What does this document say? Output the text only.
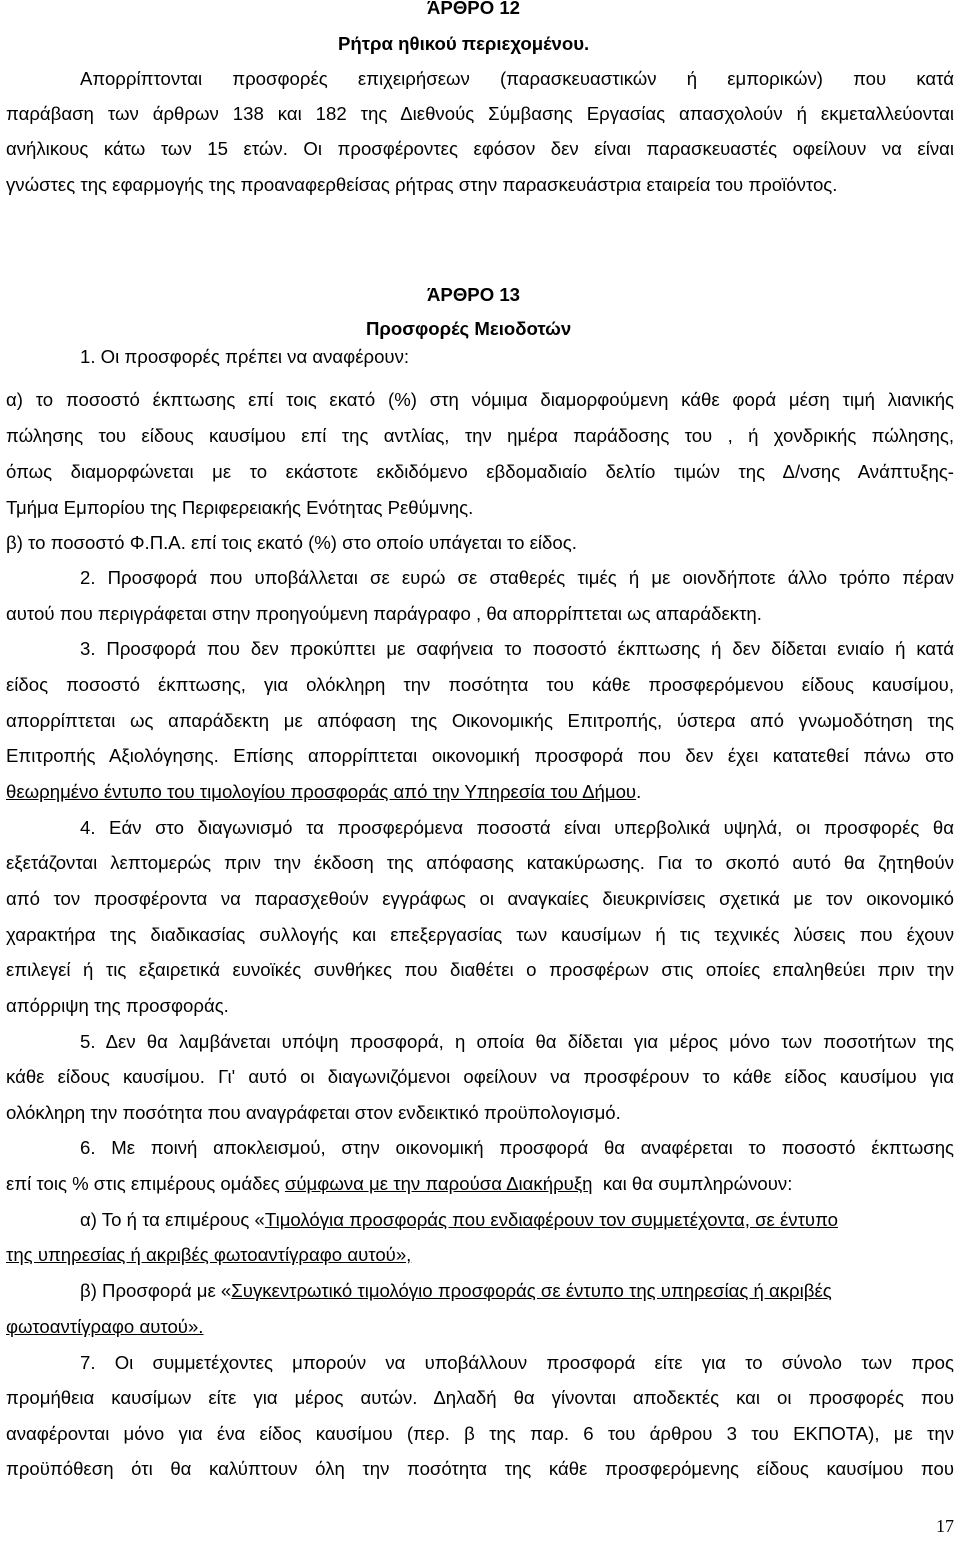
ΆΡΘΡΟ 12
Ρήτρα ηθικού περιεχομένου.
Απορρίπτονται προσφορές επιχειρήσεων (παρασκευαστικών ή εμπορικών) που κατά
παράβαση των άρθρων 138 και 182 της Διεθνούς Σύμβασης Εργασίας απασχολούν ή εκμεταλλεύονται
ανήλικους κάτω των 15 ετών. Οι προσφέροντες εφόσον δεν είναι παρασκευαστές οφείλουν να είναι
γνώστες της εφαρμογής της προαναφερθείσας ρήτρας στην παρασκευάστρια εταιρεία του προϊόντος.
ΆΡΘΡΟ 13
Προσφορές Μειοδοτών
1. Οι προσφορές πρέπει να αναφέρουν:
α) το ποσοστό έκπτωσης επί τοις εκατό (%) στη νόμιμα διαμορφούμενη κάθε φορά μέση τιμή λιανικής
πώλησης του είδους καυσίμου επί της αντλίας, την ημέρα παράδοσης του , ή χονδρικής πώλησης,
όπως διαμορφώνεται με το εκάστοτε εκδιδόμενο εβδομαδιαίο δελτίο τιμών της Δ/νσης Ανάπτυξης-
Τμήμα Εμπορίου της Περιφερειακής Ενότητας Ρεθύμνης.
β) το ποσοστό Φ.Π.Α. επί τοις εκατό (%) στο οποίο υπάγεται το είδος.
2. Προσφορά που υποβάλλεται σε ευρώ σε σταθερές τιμές ή με οιονδήποτε άλλο τρόπο πέραν
αυτού που περιγράφεται στην προηγούμενη παράγραφο , θα απορρίπτεται ως απαράδεκτη.
3. Προσφορά που δεν προκύπτει με σαφήνεια το ποσοστό έκπτωσης ή δεν δίδεται ενιαίο ή κατά
είδος ποσοστό έκπτωσης, για ολόκληρη την ποσότητα του κάθε προσφερόμενου είδους καυσίμου,
απορρίπτεται ως απαράδεκτη με απόφαση της Οικονομικής Επιτροπής, ύστερα από γνωμοδότηση της
Επιτροπής Αξιολόγησης. Επίσης απορρίπτεται οικονομική προσφορά που δεν έχει κατατεθεί πάνω στο
θεωρημένο έντυπο του τιμολογίου προσφοράς από την Υπηρεσία του Δήμου.
4. Εάν στο διαγωνισμό τα προσφερόμενα ποσοστά είναι υπερβολικά υψηλά, οι προσφορές θα
εξετάζονται λεπτομερώς πριν την έκδοση της απόφασης κατακύρωσης. Για το σκοπό αυτό θα ζητηθούν
από τον προσφέροντα να παρασχεθούν εγγράφως οι αναγκαίες διευκρινίσεις σχετικά με τον οικονομικό
χαρακτήρα της διαδικασίας συλλογής και επεξεργασίας των καυσίμων ή τις τεχνικές λύσεις που έχουν
επιλεγεί ή τις εξαιρετικά ευνοϊκές συνθήκες που διαθέτει ο προσφέρων στις οποίες επαληθεύει πριν την
απόρριψη της προσφοράς.
5. Δεν θα λαμβάνεται υπόψη προσφορά, η οποία θα δίδεται για μέρος μόνο των ποσοτήτων της
κάθε είδους καυσίμου. Γι' αυτό οι διαγωνιζόμενοι οφείλουν να προσφέρουν το κάθε είδος καυσίμου για
ολόκληρη την ποσότητα που αναγράφεται στον ενδεικτικό προϋπολογισμό.
6. Με ποινή αποκλεισμού, στην οικονομική προσφορά θα αναφέρεται το ποσοστό έκπτωσης
επί τοις % στις επιμέρους ομάδες σύμφωνα με την παρούσα Διακήρυξη  και θα συμπληρώνουν:
α) Το ή τα επιμέρους «Τιμολόγια προσφοράς που ενδιαφέρουν τον συμμετέχοντα, σε έντυπο
της υπηρεσίας ή ακριβές φωτοαντίγραφο αυτού»,
β) Προσφορά με «Συγκεντρωτικό τιμολόγιο προσφοράς σε έντυπο της υπηρεσίας ή ακριβές
φωτοαντίγραφο αυτού».
7. Οι συμμετέχοντες μπορούν να υποβάλλουν προσφορά είτε για το σύνολο των προς
προμήθεια καυσίμων είτε για μέρος αυτών. Δηλαδή θα γίνονται αποδεκτές και οι προσφορές που
αναφέρονται μόνο για ένα είδος καυσίμου (περ. β της παρ. 6 του άρθρου 3 του ΕΚΠΟΤΑ), με την
προϋπόθεση ότι θα καλύπτουν όλη την ποσότητα της κάθε προσφερόμενης είδους καυσίμου που
17
